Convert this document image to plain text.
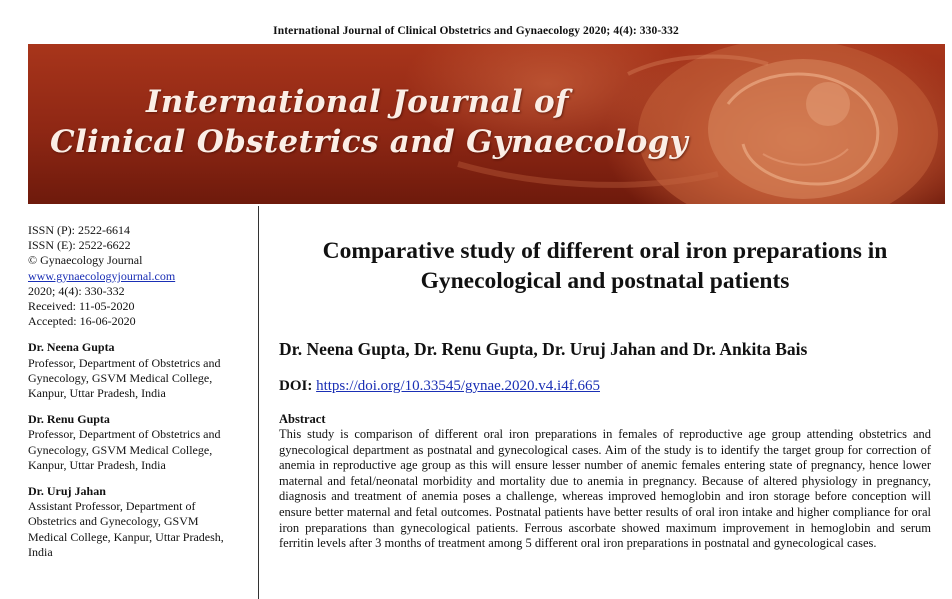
International Journal of Clinical Obstetrics and Gynaecology 2020; 4(4): 330-332
International Journal of
Clinical Obstetrics and Gynaecology
ISSN (P): 2522-6614
ISSN (E): 2522-6622
© Gynaecology Journal
www.gynaecologyjournal.com
2020; 4(4): 330-332
Received: 11-05-2020
Accepted: 16-06-2020
Dr. Neena Gupta
Professor, Department of Obstetrics and Gynecology, GSVM Medical College, Kanpur, Uttar Pradesh, India
Dr. Renu Gupta
Professor, Department of Obstetrics and Gynecology, GSVM Medical College, Kanpur, Uttar Pradesh, India
Dr. Uruj Jahan
Assistant Professor, Department of Obstetrics and Gynecology, GSVM Medical College, Kanpur, Uttar Pradesh, India
Comparative study of different oral iron preparations in Gynecological and postnatal patients
Dr. Neena Gupta, Dr. Renu Gupta, Dr. Uruj Jahan and Dr. Ankita Bais
DOI: https://doi.org/10.33545/gynae.2020.v4.i4f.665
Abstract

This study is comparison of different oral iron preparations in females of reproductive age group attending obstetrics and gynecological department as postnatal and gynecological cases. Aim of the study is to identify the target group for correction of anemia in reproductive age group as this will ensure lesser number of anemic females entering state of pregnancy, hence lower maternal and fetal/neonatal morbidity and mortality due to anemia in pregnancy. Because of altered physiology in pregnancy, diagnosis and treatment of anemia poses a challenge, whereas improved hemoglobin and iron storage before conception will ensure better maternal and fetal outcomes. Postnatal patients have better results of oral iron intake and higher compliance for oral iron preparations than gynecological patients. Ferrous ascorbate showed maximum improvement in hemoglobin and serum ferritin levels after 3 months of treatment among 5 different oral iron preparations in postnatal and gynecological cases.
